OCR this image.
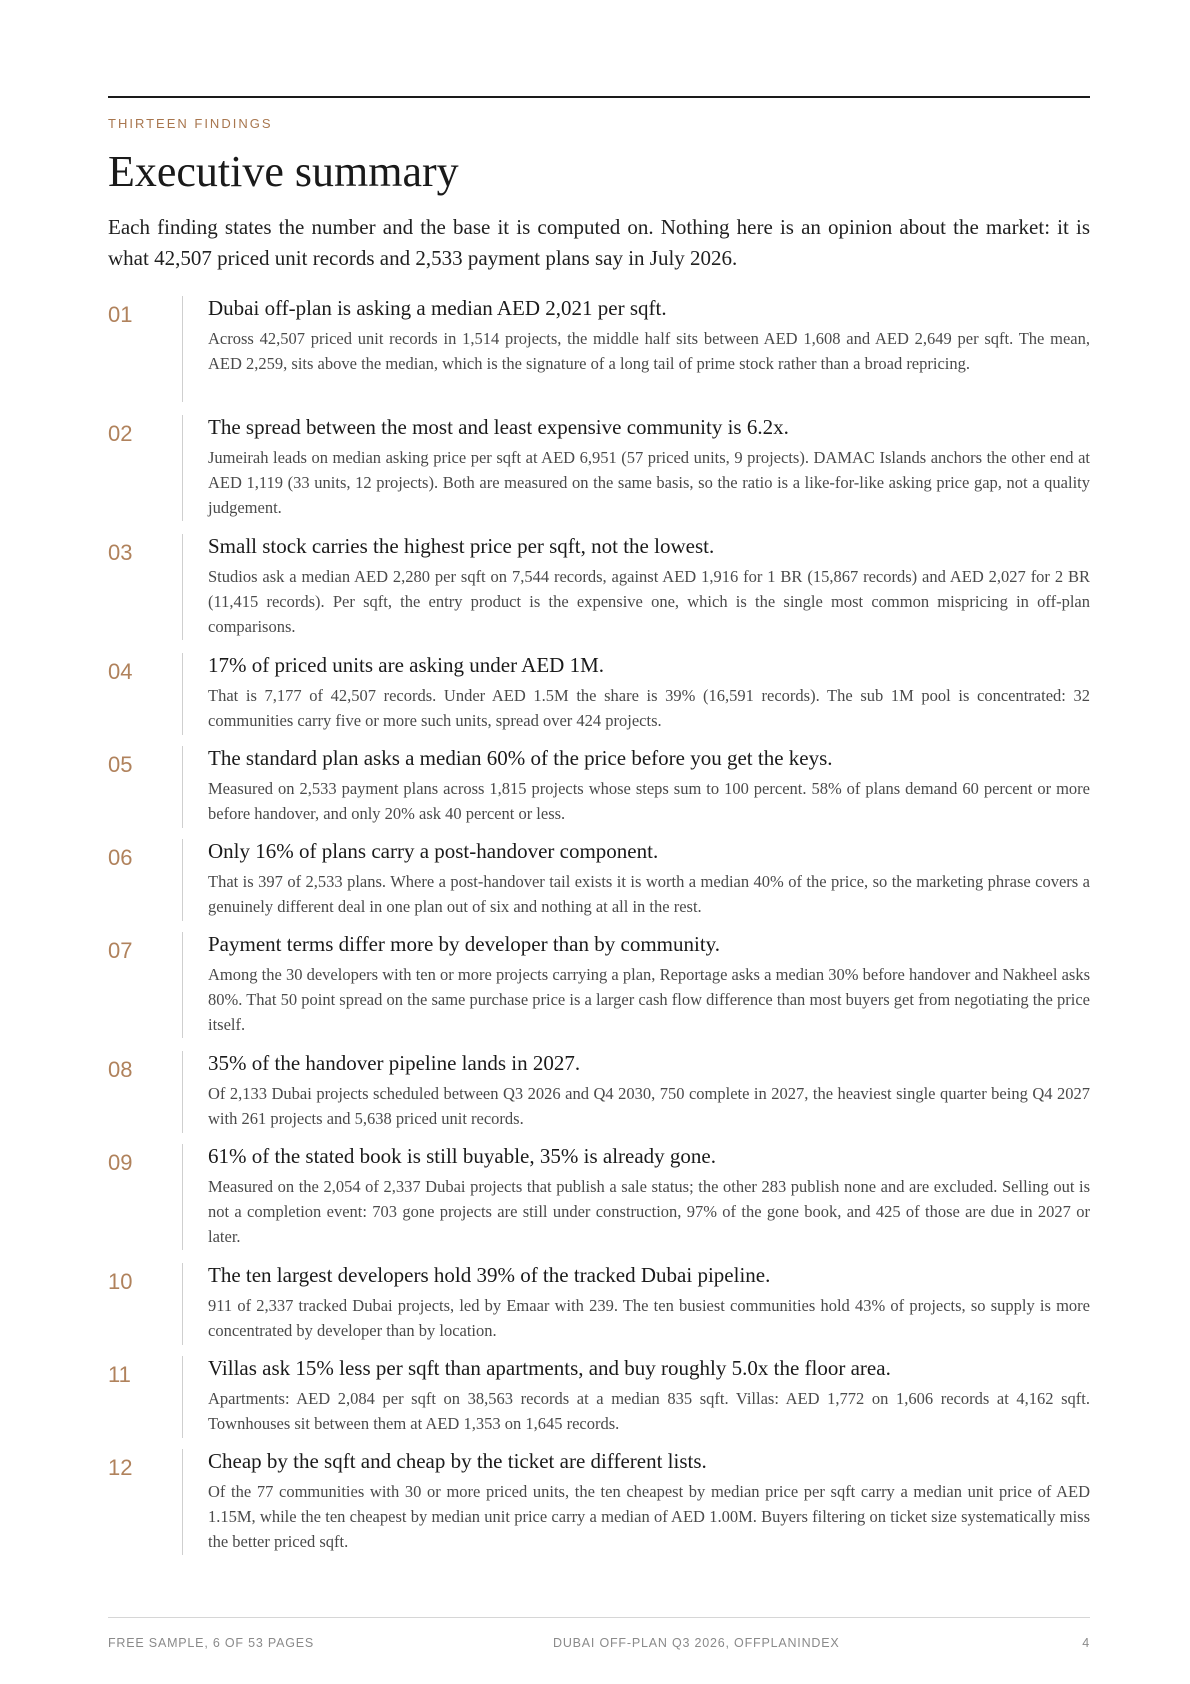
THIRTEEN FINDINGS
Executive summary

Each finding states the number and the base it is computed on. Nothing here is an opinion about the market: it is what 42,507 priced unit records and 2,533 payment plans say in July 2026.

01	Dubai off-plan is asking a median AED 2,021 per sqft.

Across 42,507 priced unit records in 1,514 projects, the middle half sits between AED 1,608 and AED 2,649 per sqft. The mean, AED 2,259, sits above the median, which is the signature of a long tail of prime stock rather than a broad repricing.

02	The spread between the most and least expensive community is 6.2x.

Jumeirah leads on median asking price per sqft at AED 6,951 (57 priced units, 9 projects). DAMAC Islands anchors the other end at AED 1,119 (33 units, 12 projects). Both are measured on the same basis, so the ratio is a like-for-like asking price gap, not a quality judgement.

03	Small stock carries the highest price per sqft, not the lowest.

Studios ask a median AED 2,280 per sqft on 7,544 records, against AED 1,916 for 1 BR (15,867 records) and AED 2,027 for 2 BR (11,415 records). Per sqft, the entry product is the expensive one, which is the single most common mispricing in off-plan comparisons.

04	17% of priced units are asking under AED 1M.

That is 7,177 of 42,507 records. Under AED 1.5M the share is 39% (16,591 records). The sub 1M pool is concentrated: 32 communities carry five or more such units, spread over 424 projects.

05	The standard plan asks a median 60% of the price before you get the keys.

Measured on 2,533 payment plans across 1,815 projects whose steps sum to 100 percent. 58% of plans demand 60 percent or more before handover, and only 20% ask 40 percent or less.

06	Only 16% of plans carry a post-handover component.

That is 397 of 2,533 plans. Where a post-handover tail exists it is worth a median 40% of the price, so the marketing phrase covers a genuinely different deal in one plan out of six and nothing at all in the rest.

07	Payment terms differ more by developer than by community.

Among the 30 developers with ten or more projects carrying a plan, Reportage asks a median 30% before handover and Nakheel asks 80%. That 50 point spread on the same purchase price is a larger cash flow difference than most buyers get from negotiating the price itself.

08	35% of the handover pipeline lands in 2027.

Of 2,133 Dubai projects scheduled between Q3 2026 and Q4 2030, 750 complete in 2027, the heaviest single quarter being Q4 2027 with 261 projects and 5,638 priced unit records.

09	61% of the stated book is still buyable, 35% is already gone.

Measured on the 2,054 of 2,337 Dubai projects that publish a sale status; the other 283 publish none and are excluded. Selling out is not a completion event: 703 gone projects are still under construction, 97% of the gone book, and 425 of those are due in 2027 or later.

10	The ten largest developers hold 39% of the tracked Dubai pipeline.

911 of 2,337 tracked Dubai projects, led by Emaar with 239. The ten busiest communities hold 43% of projects, so supply is more concentrated by developer than by location.

11	Villas ask 15% less per sqft than apartments, and buy roughly 5.0x the floor area.

Apartments: AED 2,084 per sqft on 38,563 records at a median 835 sqft. Villas: AED 1,772 on 1,606 records at 4,162 sqft. Townhouses sit between them at AED 1,353 on 1,645 records.

12	Cheap by the sqft and cheap by the ticket are different lists.

Of the 77 communities with 30 or more priced units, the ten cheapest by median price per sqft carry a median unit price of AED 1.15M, while the ten cheapest by median unit price carry a median of AED 1.00M. Buyers filtering on ticket size systematically miss the better priced sqft.

FREE SAMPLE, 6 OF 53 PAGES	DUBAI OFF-PLAN Q3 2026, OFFPLANINDEX	4
